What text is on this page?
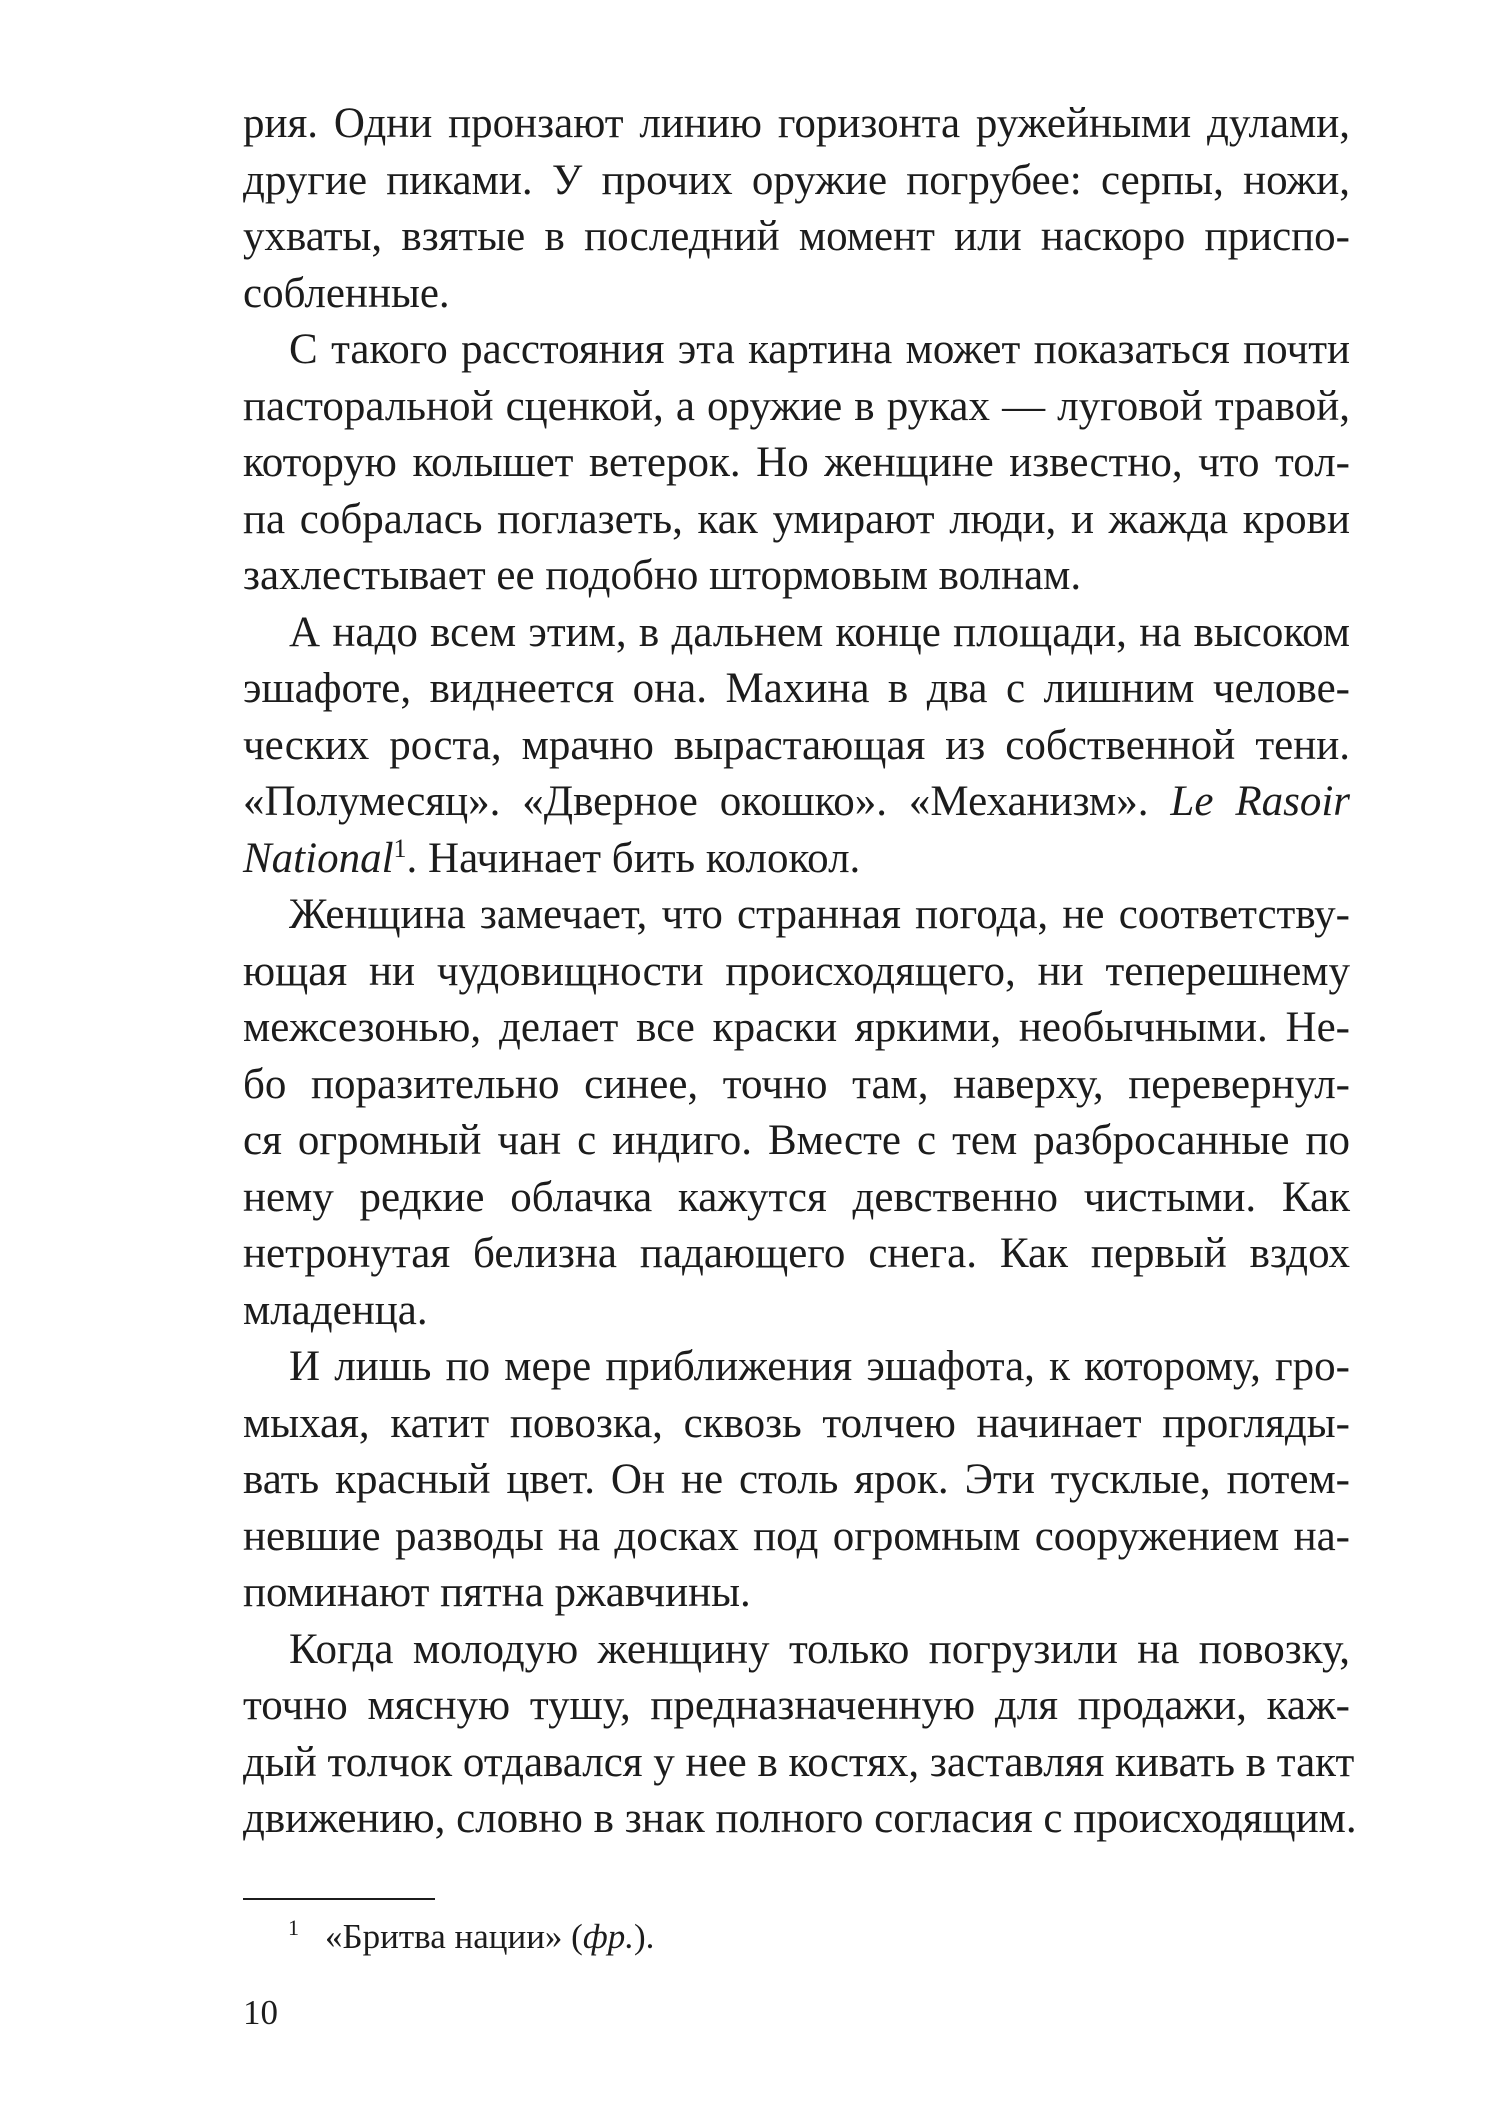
рия. Одни пронзают линию горизонта ружейными дулами,
другие пиками. У прочих оружие погрубее: серпы, ножи,
ухваты, взятые в последний момент или наскоро приспо-
собленные.
С такого расстояния эта картина может показаться почти
пасторальной сценкой, а оружие в руках — луговой травой,
которую колышет ветерок. Но женщине известно, что тол-
па собралась поглазеть, как умирают люди, и жажда крови
захлестывает ее подобно штормовым волнам.
А надо всем этим, в дальнем конце площади, на высоком
эшафоте, виднеется она. Махина в два с лишним челове-
ческих роста, мрачно вырастающая из собственной тени.
«Полумесяц». «Дверное окошко». «Механизм». Le Rasoir
National$^1$. Начинает бить колокол.
Женщина замечает, что странная погода, не соответству-
ющая ни чудовищности происходящего, ни теперешнему
межсезонью, делает все краски яркими, необычными. Не-
бо поразительно синее, точно там, наверху, перевернул-
ся огромный чан с индиго. Вместе с тем разбросанные по
нему редкие облачка кажутся девственно чистыми. Как
нетронутая белизна падающего снега. Как первый вздох
младенца.
И лишь по мере приближения эшафота, к которому, гро-
мыхая, катит повозка, сквозь толчею начинает прогляды-
вать красный цвет. Он не столь ярок. Эти тусклые, потем-
невшие разводы на досках под огромным сооружением на-
поминают пятна ржавчины.
Когда молодую женщину только погрузили на повозку,
точно мясную тушу, предназначенную для продажи, каж-
дый толчок отдавался у нее в костях, заставляя кивать в такт
движению, словно в знак полного согласия с происходящим.
$^1$ «Бритва нации» (фр.).
10
